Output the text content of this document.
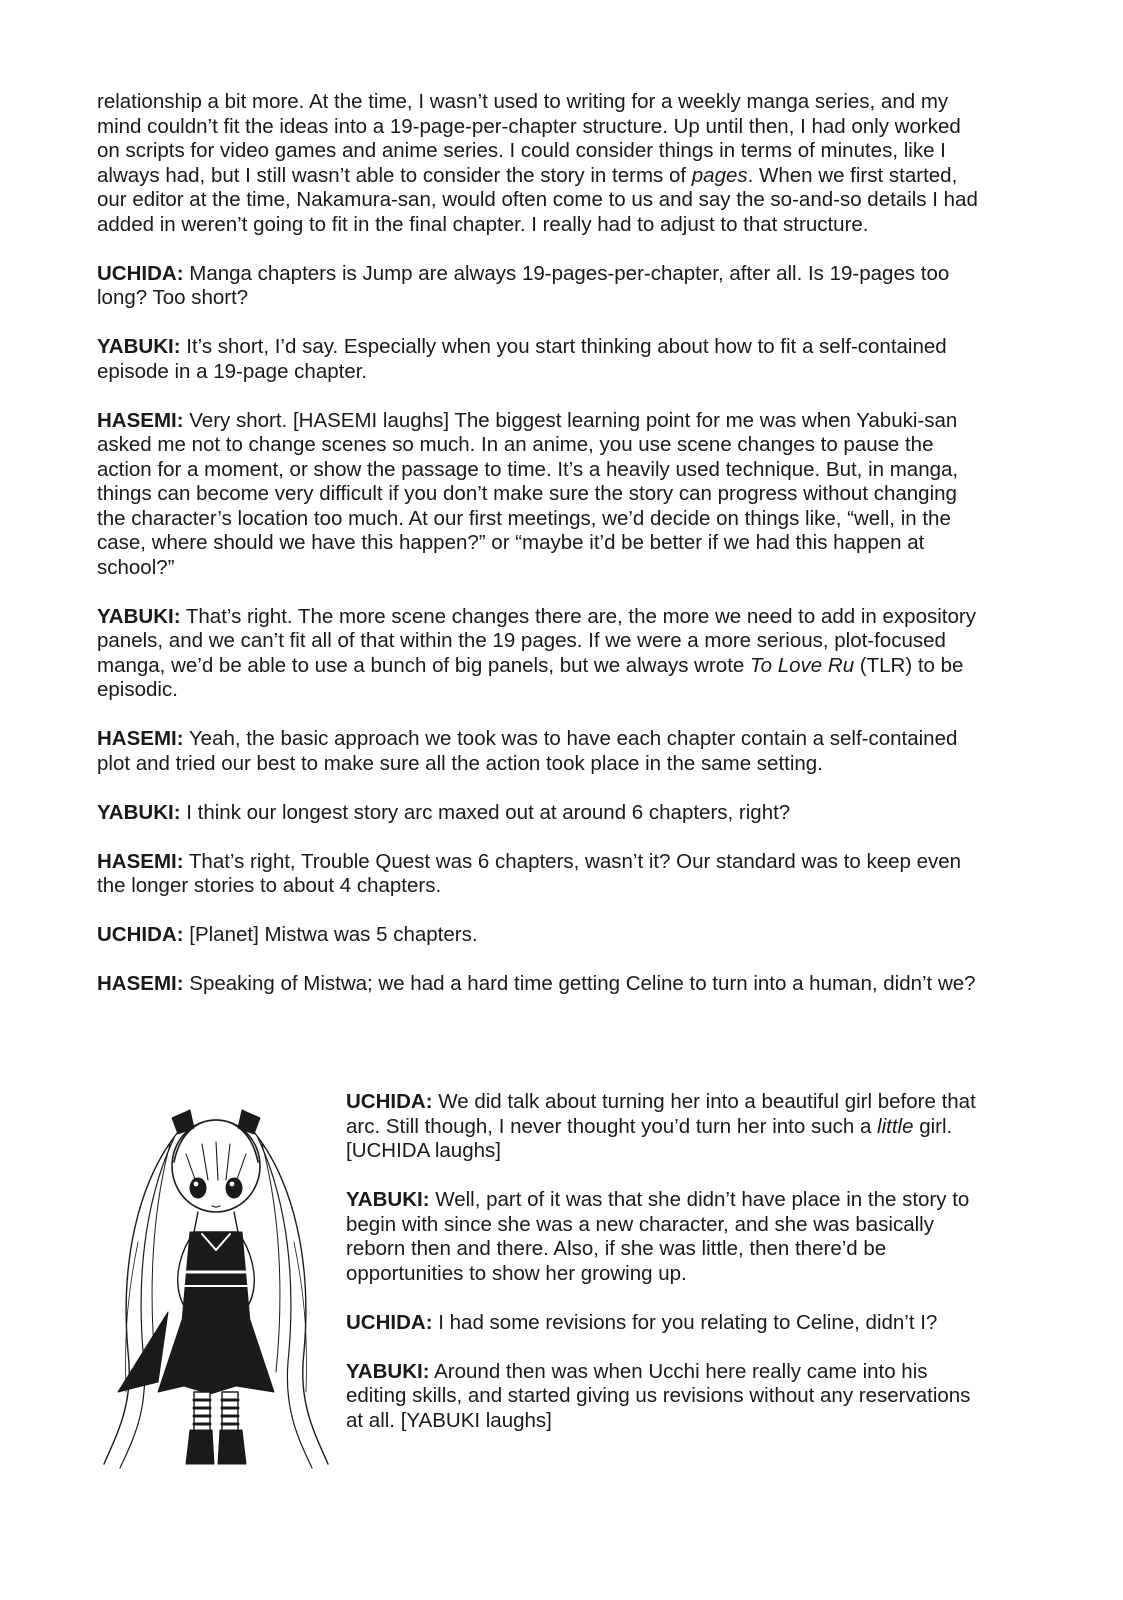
relationship a bit more. At the time, I wasn’t used to writing for a weekly manga series, and my mind couldn’t fit the ideas into a 19-page-per-chapter structure. Up until then, I had only worked on scripts for video games and anime series. I could consider things in terms of minutes, like I always had, but I still wasn’t able to consider the story in terms of pages. When we first started, our editor at the time, Nakamura-san, would often come to us and say the so-and-so details I had added in weren’t going to fit in the final chapter. I really had to adjust to that structure.

UCHIDA: Manga chapters is Jump are always 19-pages-per-chapter, after all. Is 19-pages too long? Too short?

YABUKI: It’s short, I’d say. Especially when you start thinking about how to fit a self-contained episode in a 19-page chapter.

HASEMI: Very short. [HASEMI laughs] The biggest learning point for me was when Yabuki-san asked me not to change scenes so much. In an anime, you use scene changes to pause the action for a moment, or show the passage to time. It’s a heavily used technique. But, in manga, things can become very difficult if you don’t make sure the story can progress without changing the character’s location too much. At our first meetings, we’d decide on things like, “well, in the case, where should we have this happen?” or “maybe it’d be better if we had this happen at school?”

YABUKI: That’s right. The more scene changes there are, the more we need to add in expository panels, and we can’t fit all of that within the 19 pages. If we were a more serious, plot-focused manga, we’d be able to use a bunch of big panels, but we always wrote To Love Ru (TLR) to be episodic.

HASEMI: Yeah, the basic approach we took was to have each chapter contain a self-contained plot and tried our best to make sure all the action took place in the same setting.

YABUKI: I think our longest story arc maxed out at around 6 chapters, right?

HASEMI: That’s right, Trouble Quest was 6 chapters, wasn’t it? Our standard was to keep even the longer stories to about 4 chapters.

UCHIDA: [Planet] Mistwa was 5 chapters.

HASEMI: Speaking of Mistwa; we had a hard time getting Celine to turn into a human, didn’t we?

UCHIDA: We did talk about turning her into a beautiful girl before that arc. Still though, I never thought you’d turn her into such a little girl. [UCHIDA laughs]

YABUKI: Well, part of it was that she didn’t have place in the story to begin with since she was a new character, and she was basically reborn then and there. Also, if she was little, then there’d be opportunities to show her growing up.

UCHIDA: I had some revisions for you relating to Celine, didn’t I?

YABUKI: Around then was when Ucchi here really came into his editing skills, and started giving us revisions without any reservations at all. [YABUKI laughs]
